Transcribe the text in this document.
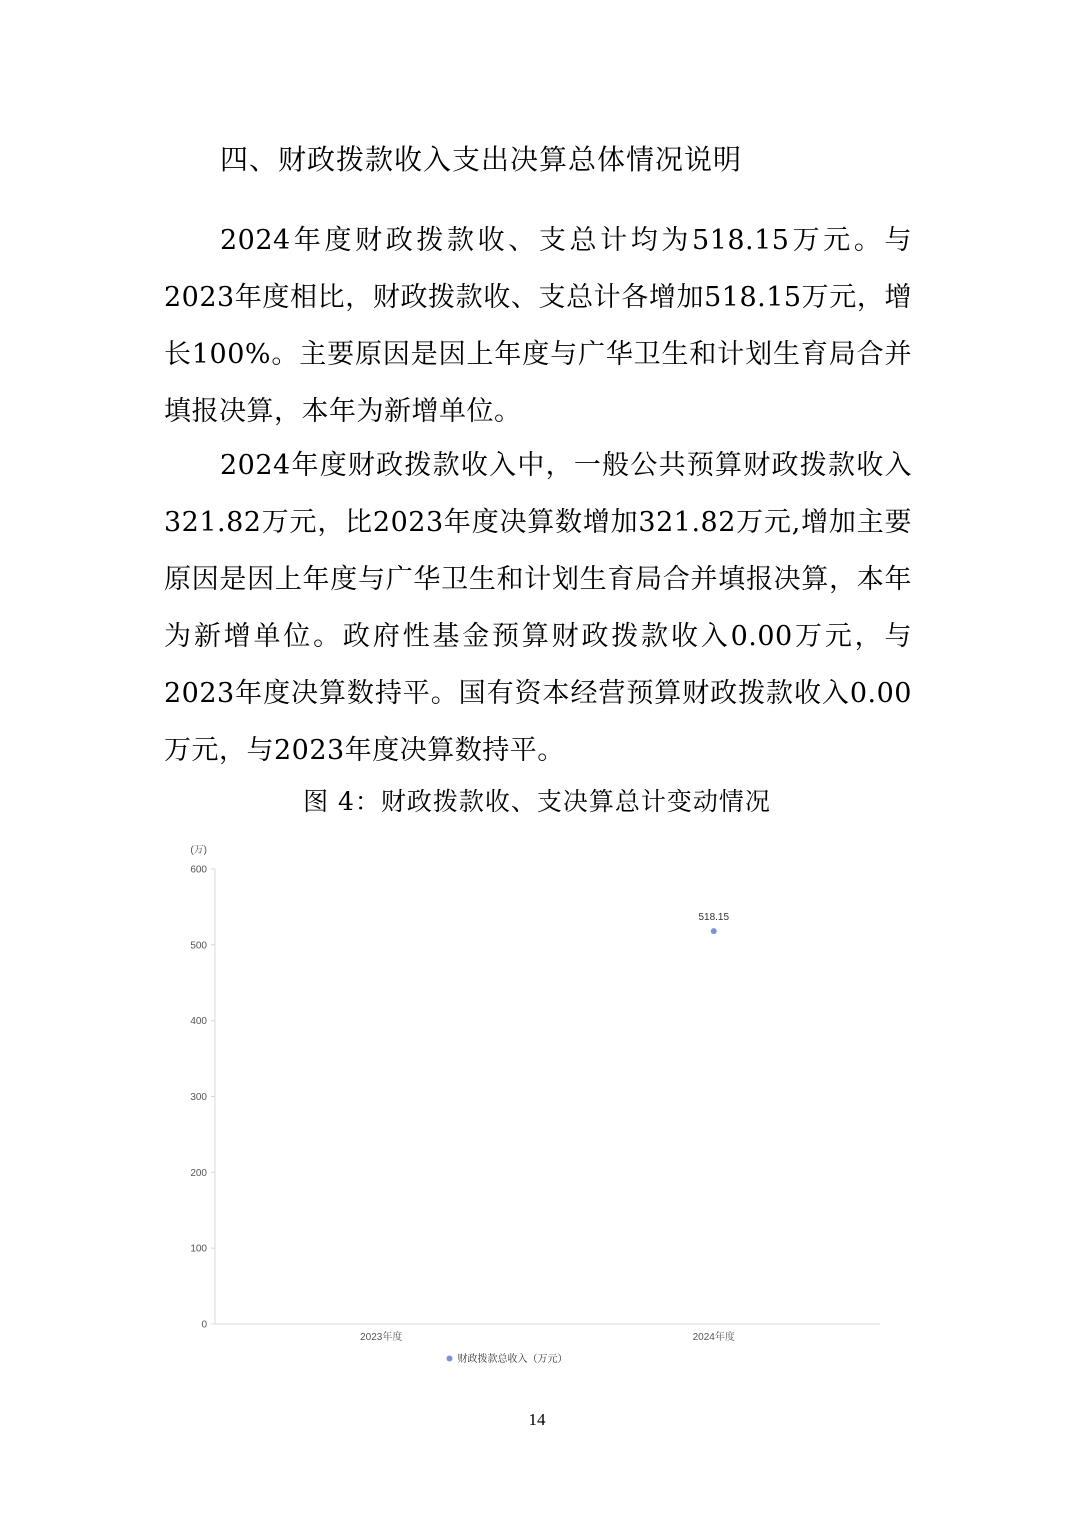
四、财政拨款收入支出决算总体情况说明

2024年度财政拨款收、支总计均为518.15万元。与2023年度相比，财政拨款收、支总计各增加518.15万元，增长100%。主要原因是因上年度与广华卫生和计划生育局合并填报决算，本年为新增单位。

2024年度财政拨款收入中，一般公共预算财政拨款收入321.82万元，比2023年度决算数增加321.82万元,增加主要原因是因上年度与广华卫生和计划生育局合并填报决算，本年为新增单位。政府性基金预算财政拨款收入0.00万元，与2023年度决算数持平。国有资本经营预算财政拨款收入0.00万元，与2023年度决算数持平。

图 4：财政拨款收、支决算总计变动情况
(万)
0
100
200
300
400
500
600
2023年度	2024年度
518.15
财政拨款总收入（万元）
14
